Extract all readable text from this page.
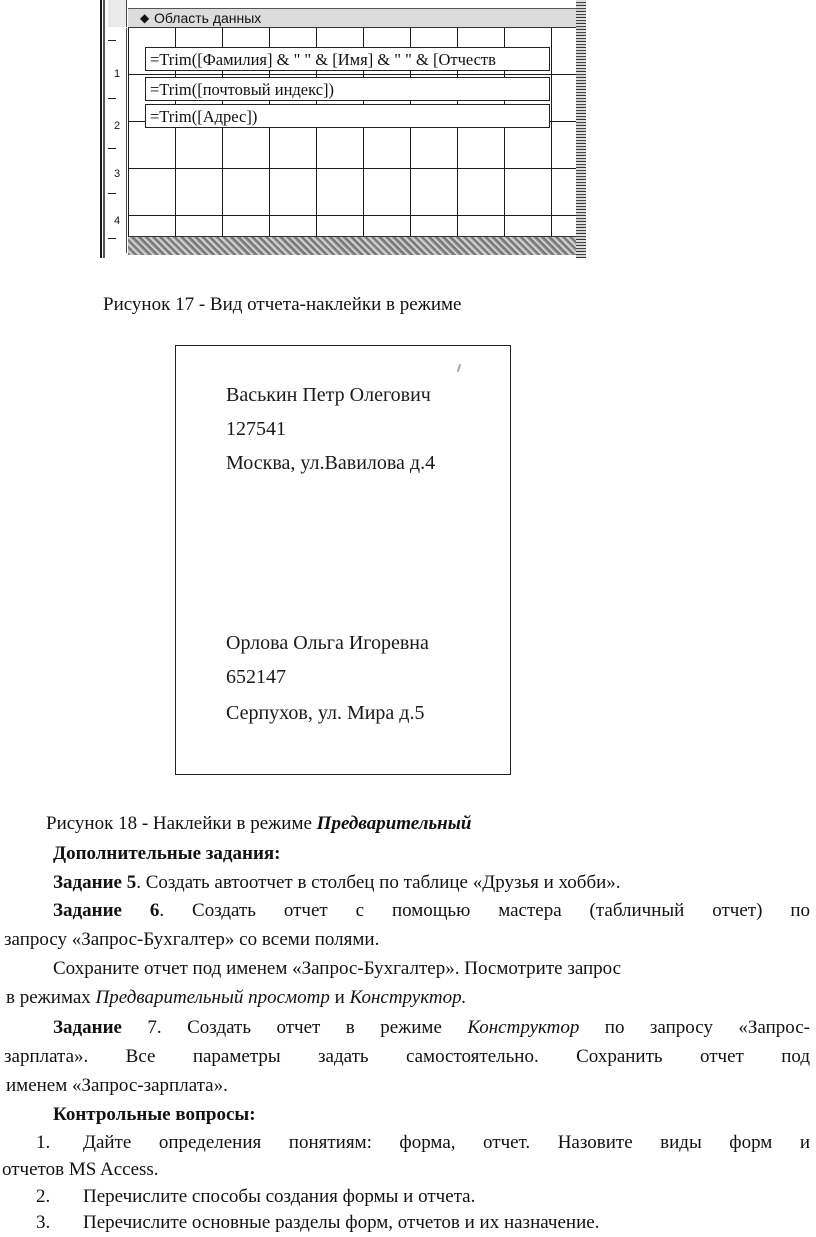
◆ Область данных
1
2
3
4
=Trim([Фамилия] & " " & [Имя] & " " & [Отчеств
=Trim([почтовый индекс])
=Trim([Адрес])
Рисунок 17 - Вид отчета-наклейки в режиме
Васькин Петр Олегович
127541
Москва, ул.Вавилова д.4
Орлова Ольга Игоревна
652147
Серпухов, ул. Мира д.5
Рисунок 18 - Наклейки в режиме Предварительный
Дополнительные задания:
Задание 5. Создать автоотчет в столбец по таблице «Друзья и хобби».
Задание 6. Создать отчет с помощью мастера (табличный отчет) по
запросу «Запрос-Бухгалтер» со всеми полями.
Сохраните отчет под именем «Запрос-Бухгалтер». Посмотрите запрос
в режимах Предварительный просмотр и Конструктор.
Задание 7. Создать отчет в режиме Конструктор по запросу «Запрос-
зарплата». Все параметры задать самостоятельно. Сохранить отчет под
именем «Запрос-зарплата».
Контрольные вопросы:
1. Дайте определения понятиям: форма, отчет. Назовите виды форм и
отчетов MS Access.
2. Перечислите способы создания формы и отчета.
3. Перечислите основные разделы форм, отчетов и их назначение.
